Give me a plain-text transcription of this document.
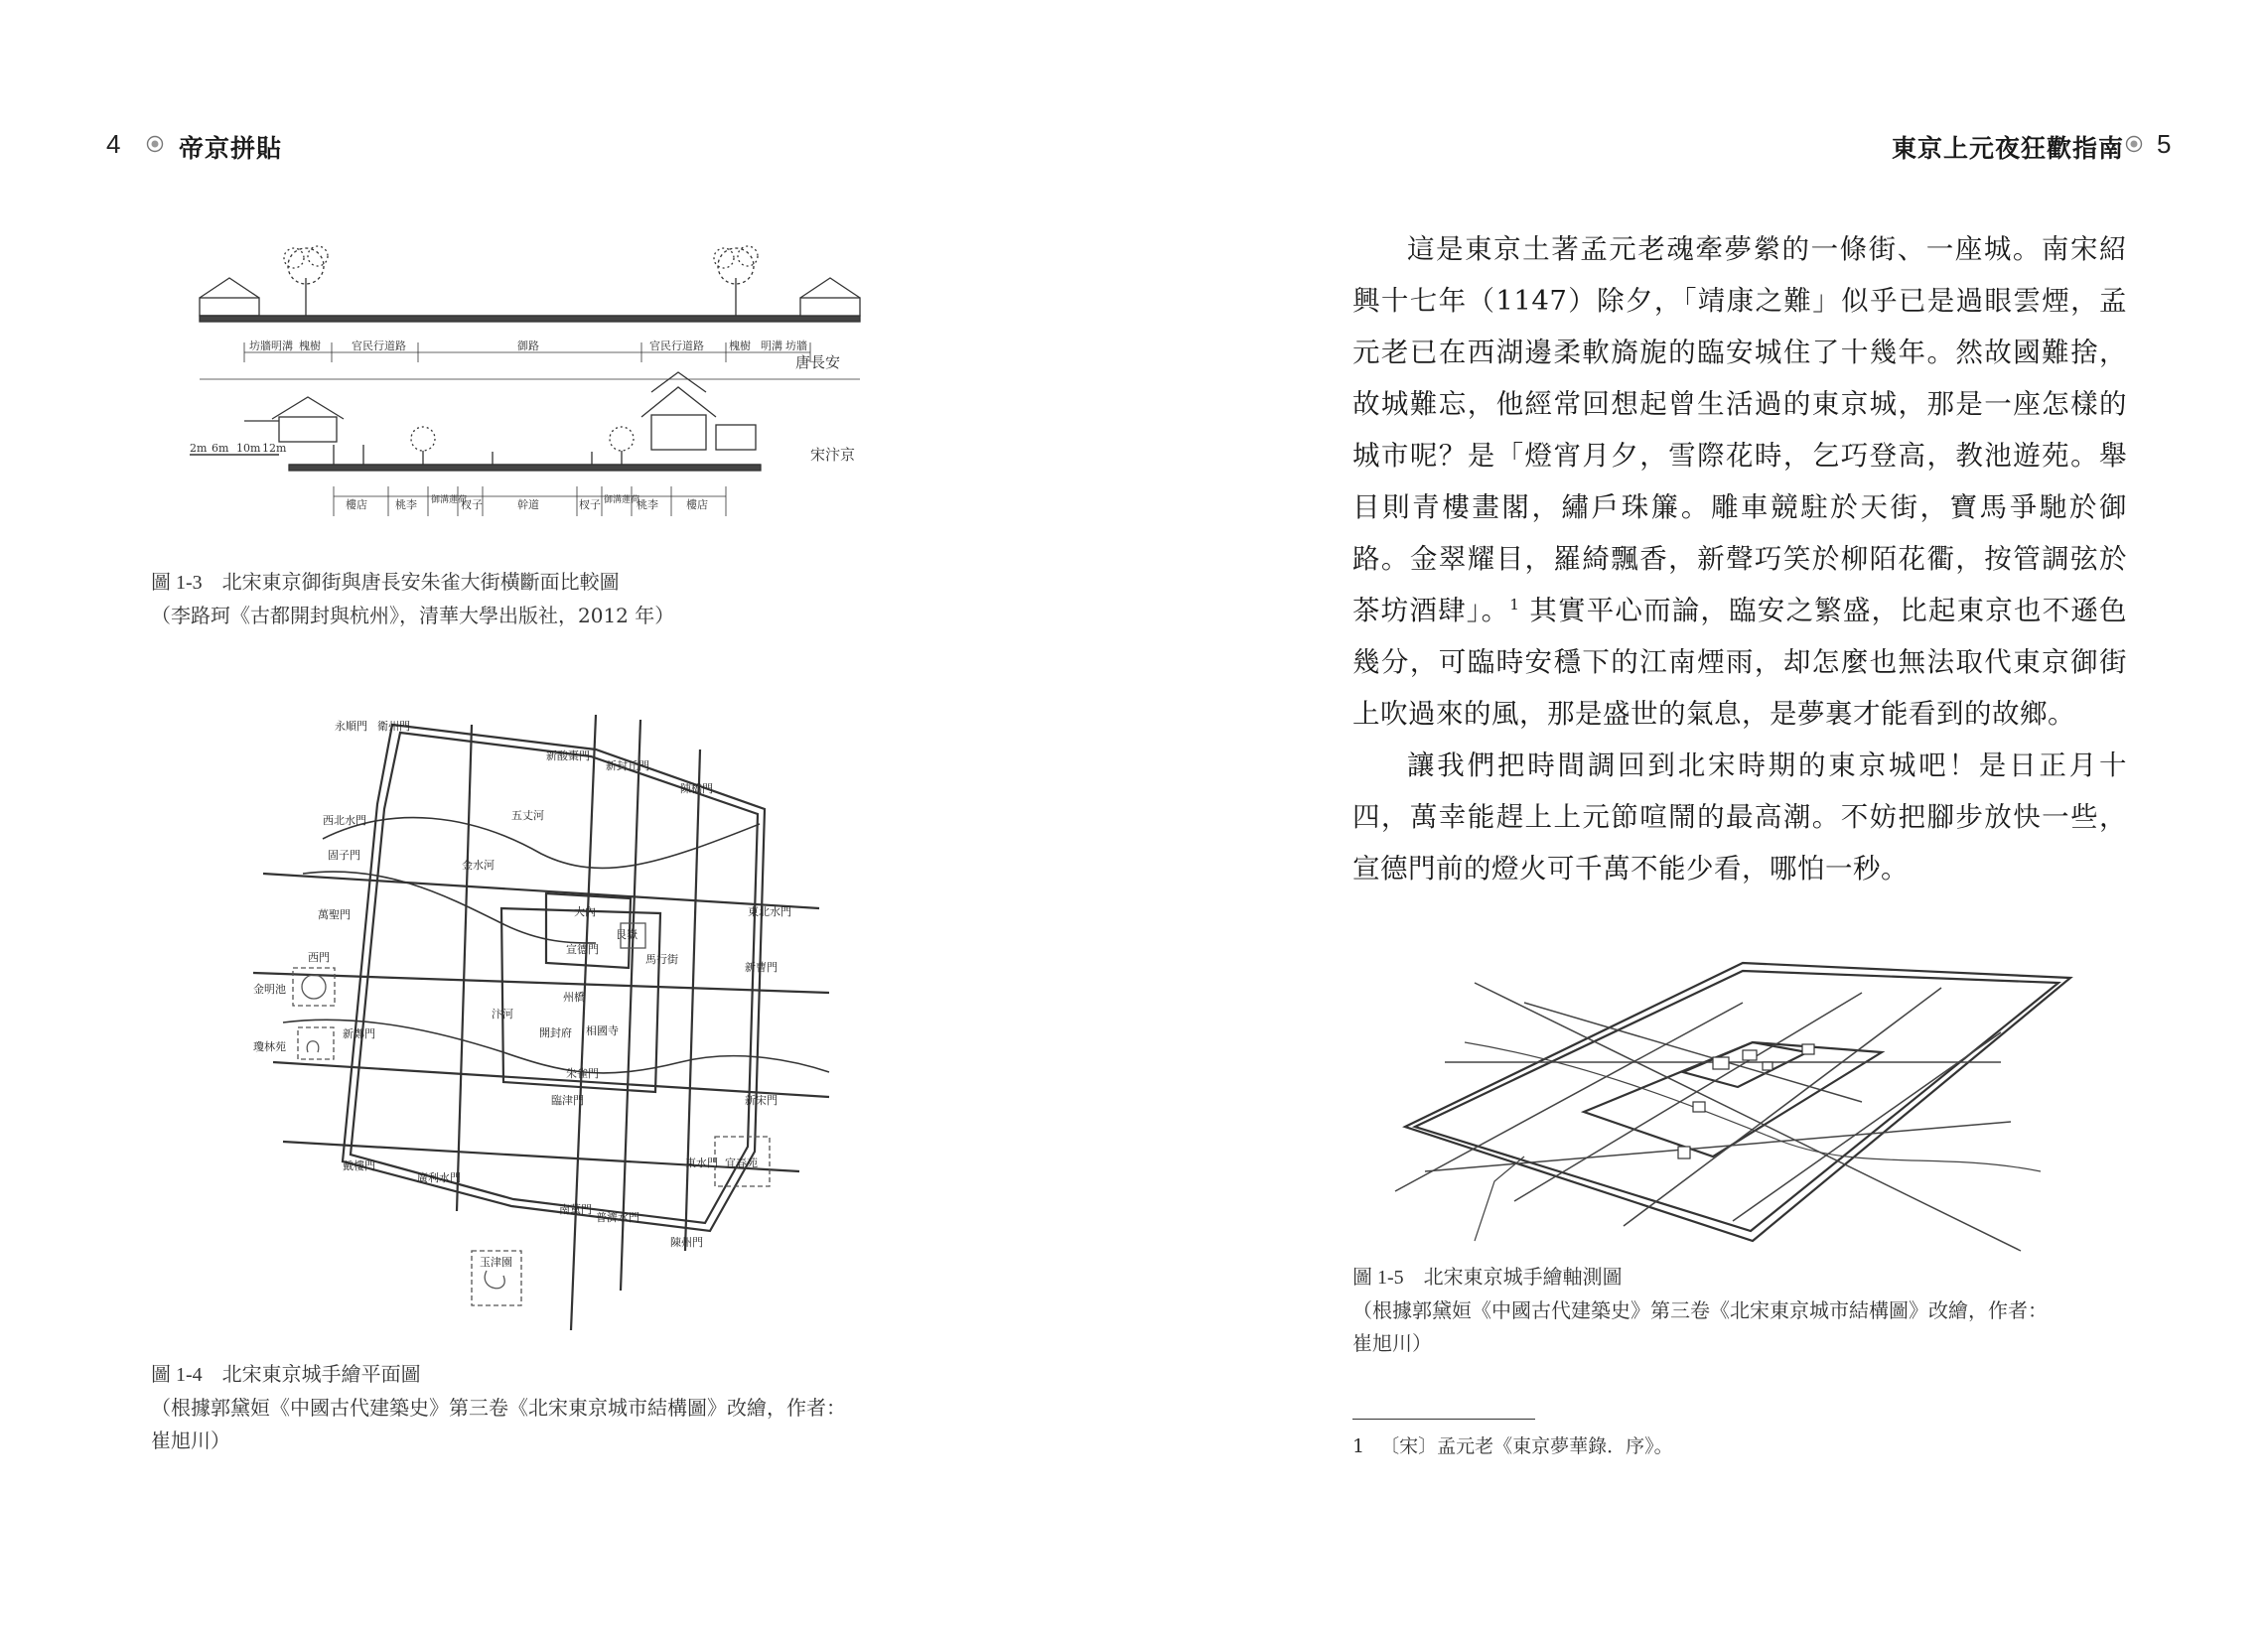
4 帝京拼貼
坊牆明溝 槐樹	官民行道路	御路	官民行道路 槐樹 明溝 坊牆
唐長安
2m 6m 10m 12m	宋汴京
樓店	桃李 御溝蓮荷
杈子	幹道	杈子 御溝蓮荷
桃李	樓店
圖 1-3 北宋東京御街與唐長安朱雀大街橫斷面比較圖
（李路珂《古都開封與杭州》，清華大學出版社，2012 年）
永順門 衛州門
新酸棗門
新封丘門
陳橋門
西北水門
固子門
五丈河
金水河
萬聖門	東北水門
西門
新曹門
金明池
瓊林苑
新鄭門
汴河
艮嶽
馬行街
宣德門
大內
州橋
開封府 相國寺
朱雀門
臨津門	新宋門
戴樓門
廣利水門
東水門 宜春苑
南薰門
普濟水門
陳州門
玉津園
圖 1-4 北宋東京城手繪平面圖
（根據郭黛姮《中國古代建築史》第三卷《北宋東京城市結構圖》改繪，作者：
崔旭川）
東京上元夜狂歡指南 5

這是東京土著孟元老魂牽夢縈的一條街、一座城。南宋紹興十七年（1147）除夕，「靖康之難」似乎已是過眼雲煙，孟元老已在西湖邊柔軟旖旎的臨安城住了十幾年。然故國難捨，故城難忘，他經常回想起曾生活過的東京城，那是一座怎樣的城市呢？是「燈宵月夕，雪際花時，乞巧登高，教池遊苑。舉目則青樓畫閣，繡戶珠簾。雕車競駐於天街，寶馬爭馳於御路。金翠耀目，羅綺飄香，新聲巧笑於柳陌花衢，按管調弦於茶坊酒肆」。$^1$ 其實平心而論，臨安之繁盛，比起東京也不遜色幾分，可臨時安穩下的江南煙雨，却怎麼也無法取代東京御街上吹過來的風，那是盛世的氣息，是夢裏才能看到的故鄉。

讓我們把時間調回到北宋時期的東京城吧！是日正月十四，萬幸能趕上上元節喧鬧的最高潮。不妨把腳步放快一些，宣德門前的燈火可千萬不能少看，哪怕一秒。

圖 1-5 北宋東京城手繪軸測圖
（根據郭黛姮《中國古代建築史》第三卷《北宋東京城市結構圖》改繪，作者：
崔旭川）
1 〔宋〕孟元老《東京夢華錄．序》。
